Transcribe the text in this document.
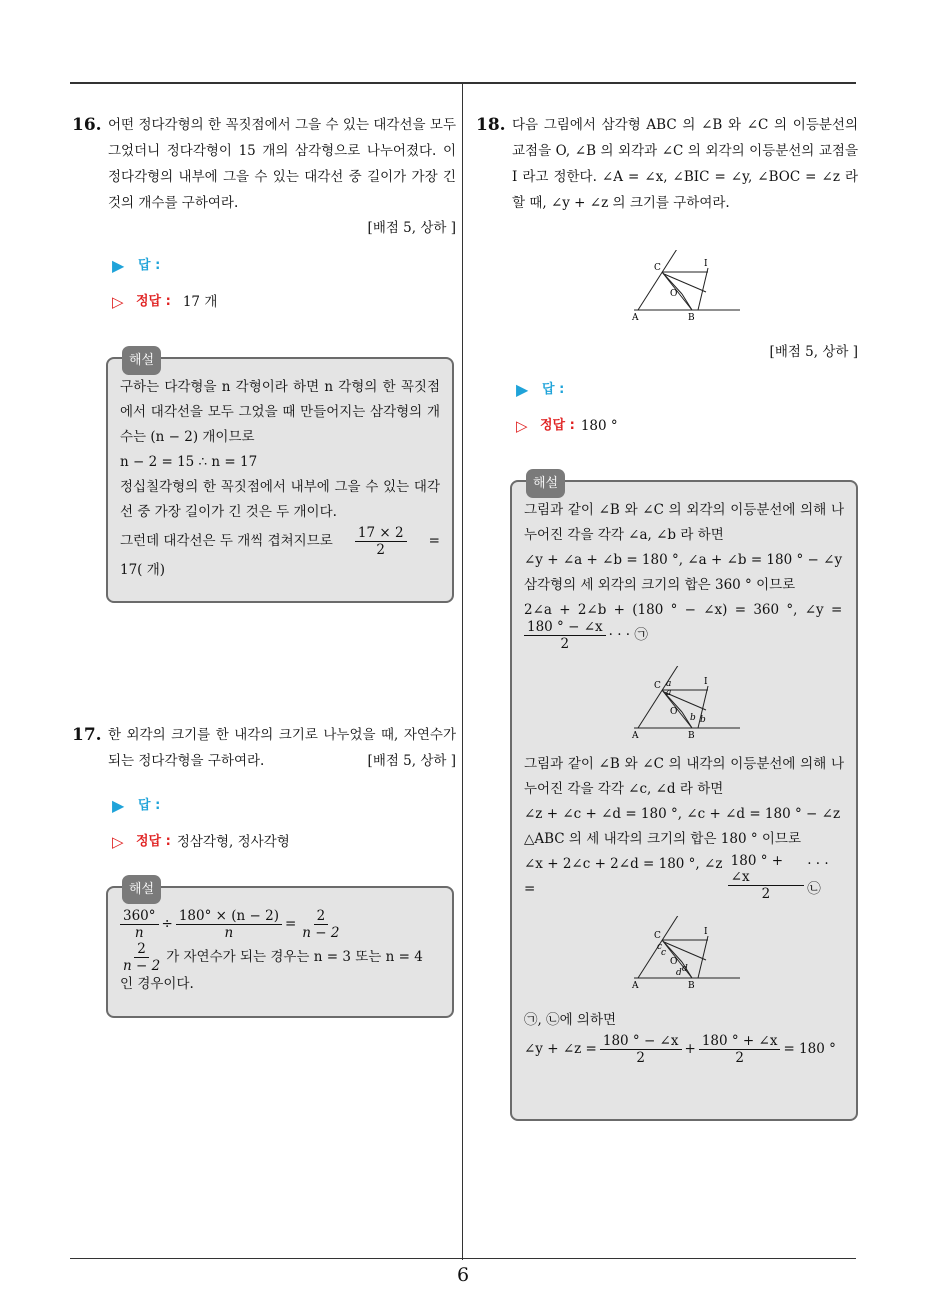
16. 어떤 정다각형의 한 꼭짓점에서 그을 수 있는 대각선을 모두 그었더니 정다각형이 15 개의 삼각형으로 나누어졌다. 이 정다각형의 내부에 그을 수 있는 대각선 중 길이가 가장 긴 것의 개수를 구하여라.
[배점 5, 상하 ]
▶	답 :
▷ 정답 : 17 개
해설
구하는 다각형을 n 각형이라 하면 n 각형의 한 꼭짓점에서 대각선을 모두 그었을 때 만들어지는 삼각형의 개수는 (n − 2) 개이므로
n − 2 = 15 ∴ n = 17
정십칠각형의 한 꼭짓점에서 내부에 그을 수 있는 대각선 중 가장 길이가 긴 것은 두 개이다.
그런데 대각선은 두 개씩 겹쳐지므로 $\frac{17 \times 2}{2}$ =
17( 개)
17. 한 외각의 크기를 한 내각의 크기로 나누었을 때, 자연수가 되는 정다각형을 구하여라.	[배점 5, 상하 ]
▶	답 :
▷ 정답 : 정삼각형, 정사각형
해설
$\frac{360^\circ}{n} \div \frac{180^\circ \times (n - 2)}{n} = \frac{2}{n - 2}$
$\frac{2}{n - 2}$ 가 자연수가 되는 경우는 n = 3 또는 n = 4
인 경우이다.
18. 다음 그림에서 삼각형 ABC 의 ∠B 와 ∠C 의 이등분선의 교점을 O, ∠B 의 외각과 ∠C 의 외각의 이등분선의 교점을 I 라고 정한다. ∠A = ∠x, ∠BIC = ∠y, ∠BOC = ∠z 라 할 때, ∠y + ∠z 의 크기를 구하여라.
C	I
O
A	B
[배점 5, 상하 ]
▶	답 :
▷ 정답 : 180 °
해설
그림과 같이 ∠B 와 ∠C 의 외각의 이등분선에 의해 나누어진 각을 각각 ∠a, ∠b 라 하면
∠y + ∠a + ∠b = 180 °, ∠a + ∠b = 180 ° − ∠y
삼각형의 세 외각의 크기의 합은 360 ° 이므로
2∠a + 2∠b + (180 ° − ∠x) = 360 °, ∠y =
$\frac{180 ^\circ - \angle x}{2}$ · · · ㉠
C a
a
I
O
b b
A	B
그림과 같이 ∠B 와 ∠C 의 내각의 이등분선에 의해 나누어진 각을 각각 ∠c, ∠d 라 하면
∠z + ∠c + ∠d = 180 °, ∠c + ∠d = 180 ° − ∠z
△ABC 의 세 내각의 크기의 합은 180 ° 이므로
∠x + 2∠c + 2∠d = 180 °, ∠z =	$\frac{180 ^\circ + \angle x}{2}$ · · · ㉡
C
c
c
I
O
d d
A	B
㉠, ㉡에 의하면
∠y + ∠z = $\frac{180 ^\circ - \angle x}{2} + \frac{180 ^\circ + \angle x}{2} = 180$ °
6
